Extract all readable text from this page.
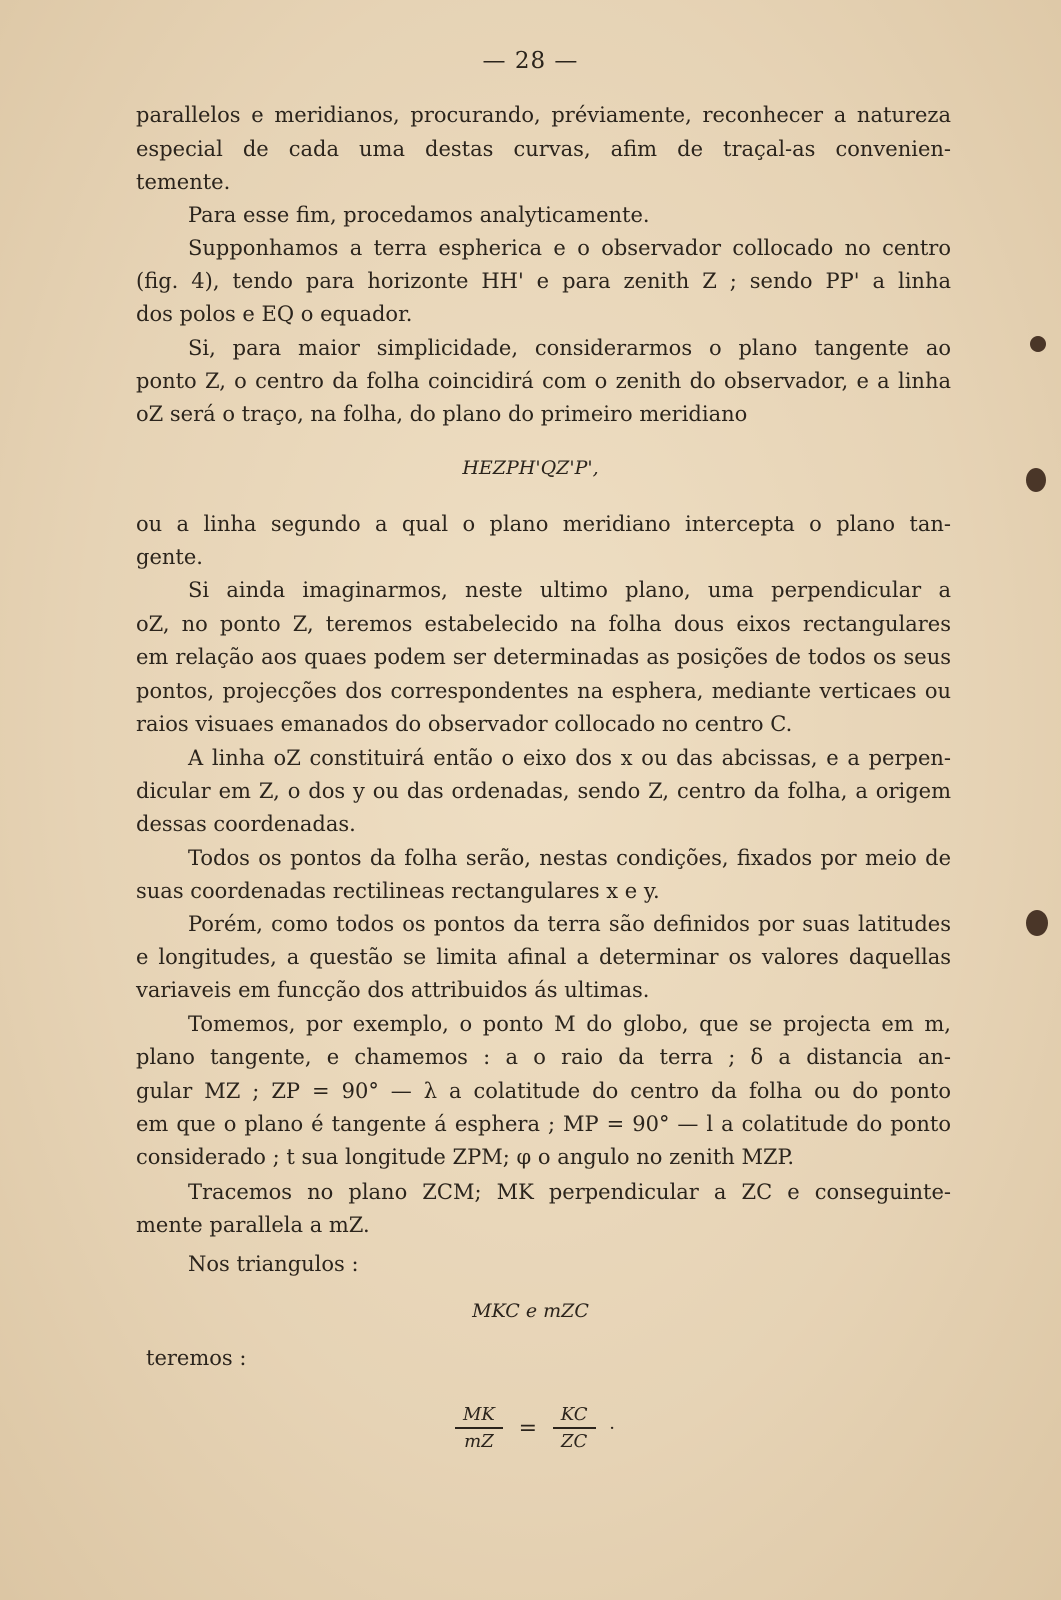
— 28 —
parallelos e meridianos, procurando, préviamente, reconhecer a natureza
especial de cada uma destas curvas, afim de traçal-as convenien-
temente.
Para esse fim, procedamos analyticamente.
Supponhamos a terra espherica e o observador collocado no centro
(fig. 4), tendo para horizonte HH' e para zenith Z ; sendo PP' a linha
dos polos e EQ o equador.
Si, para maior simplicidade, considerarmos o plano tangente ao
ponto Z, o centro da folha coincidirá com o zenith do observador, e a linha
oZ será o traço, na folha, do plano do primeiro meridiano
HEZPH'QZ'P',
ou a linha segundo a qual o plano meridiano intercepta o plano tan-
gente.
Si ainda imaginarmos, neste ultimo plano, uma perpendicular a
oZ, no ponto Z, teremos estabelecido na folha dous eixos rectangulares
em relação aos quaes podem ser determinadas as posições de todos os seus
pontos, projecções dos correspondentes na esphera, mediante verticaes ou
raios visuaes emanados do observador collocado no centro C.
A linha oZ constituirá então o eixo dos x ou das abcissas, e a perpen-
dicular em Z, o dos y ou das ordenadas, sendo Z, centro da folha, a origem
dessas coordenadas.
Todos os pontos da folha serão, nestas condições, fixados por meio de
suas coordenadas rectilineas rectangulares x e y.
Porém, como todos os pontos da terra são definidos por suas latitudes
e longitudes, a questão se limita afinal a determinar os valores daquellas
variaveis em funcção dos attribuidos ás ultimas.
Tomemos, por exemplo, o ponto M do globo, que se projecta em m,
plano tangente, e chamemos : a o raio da terra ; δ a distancia an-
gular MZ ; ZP = 90° — λ a colatitude do centro da folha ou do ponto
em que o plano é tangente á esphera ; MP = 90° — l a colatitude do ponto
considerado ; t sua longitude ZPM; φ o angulo no zenith MZP.
Tracemos no plano ZCM; MK perpendicular a ZC e conseguinte-
mente parallela a mZ.
Nos triangulos :
MKC e mZC
teremos :
$\frac{MK}{mZ} = \frac{KC}{ZC}$ ·
